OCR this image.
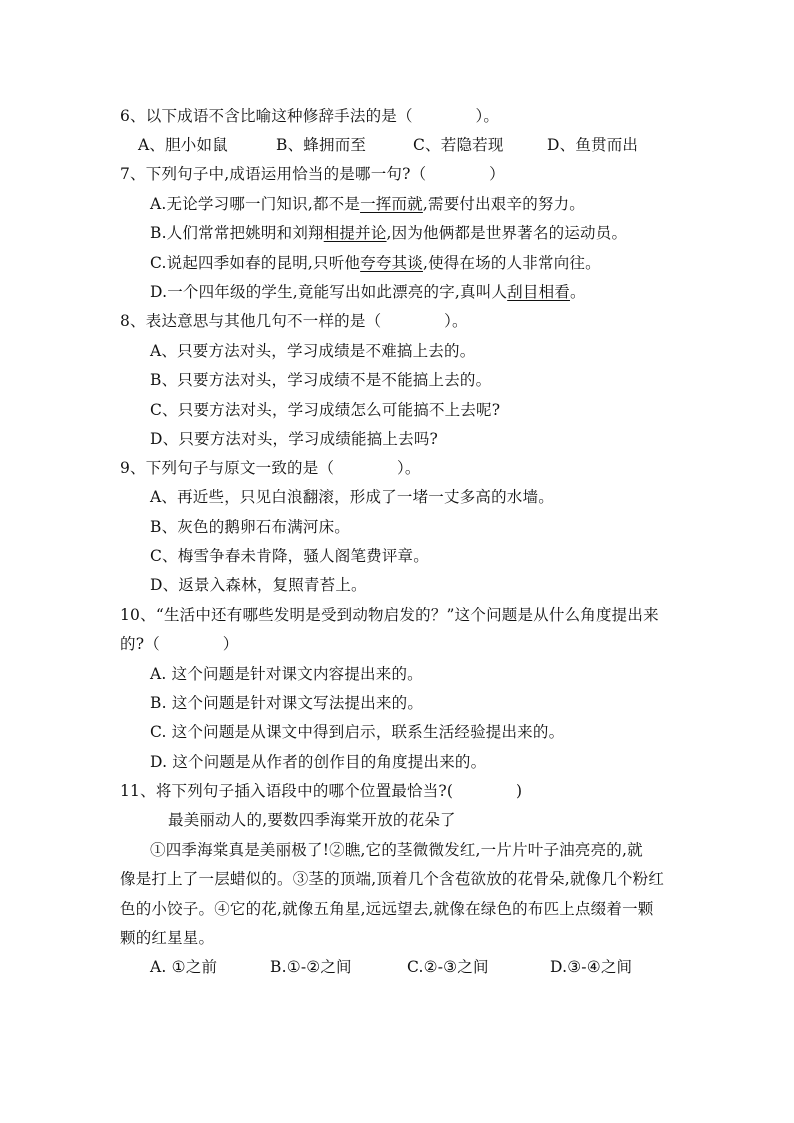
6、以下成语不含比喻这种修辞手法的是（　　　　）。
A、胆小如鼠	B、蜂拥而至	C、若隐若现	D、鱼贯而出
7、下列句子中,成语运用恰当的是哪一句?（　　　　）
A.无论学习哪一门知识,都不是一挥而就,需要付出艰辛的努力。
B.人们常常把姚明和刘翔相提并论,因为他俩都是世界著名的运动员。
C.说起四季如春的昆明,只听他夸夸其谈,使得在场的人非常向往。
D.一个四年级的学生,竟能写出如此漂亮的字,真叫人刮目相看。
8、表达意思与其他几句不一样的是（　　　　）。
A、只要方法对头，学习成绩是不难搞上去的。
B、只要方法对头，学习成绩不是不能搞上去的。
C、只要方法对头，学习成绩怎么可能搞不上去呢?
D、只要方法对头，学习成绩能搞上去吗?
9、下列句子与原文一致的是（　　　　）。
A、再近些，只见白浪翻滚，形成了一堵一丈多高的水墙。
B、灰色的鹅卵石布满河床。
C、梅雪争春未肯降，骚人阁笔费评章。
D、返景入森林，复照青苔上。
10、“生活中还有哪些发明是受到动物启发的？”这个问题是从什么角度提出来
的?（　　　　）
A. 这个问题是针对课文内容提出来的。
B. 这个问题是针对课文写法提出来的。
C. 这个问题是从课文中得到启示，联系生活经验提出来的。
D. 这个问题是从作者的创作目的角度提出来的。
11、将下列句子插入语段中的哪个位置最恰当?(　　　　)
最美丽动人的,要数四季海棠开放的花朵了
①四季海棠真是美丽极了!②瞧,它的茎微微发红,一片片叶子油亮亮的,就
像是打上了一层蜡似的。③茎的顶端,顶着几个含苞欲放的花骨朵,就像几个粉红
色的小饺子。④它的花,就像五角星,远远望去,就像在绿色的布匹上点缀着一颗
颗的红星星。
A. ①之前	B.①-②之间	C.②-③之间	D.③-④之间
